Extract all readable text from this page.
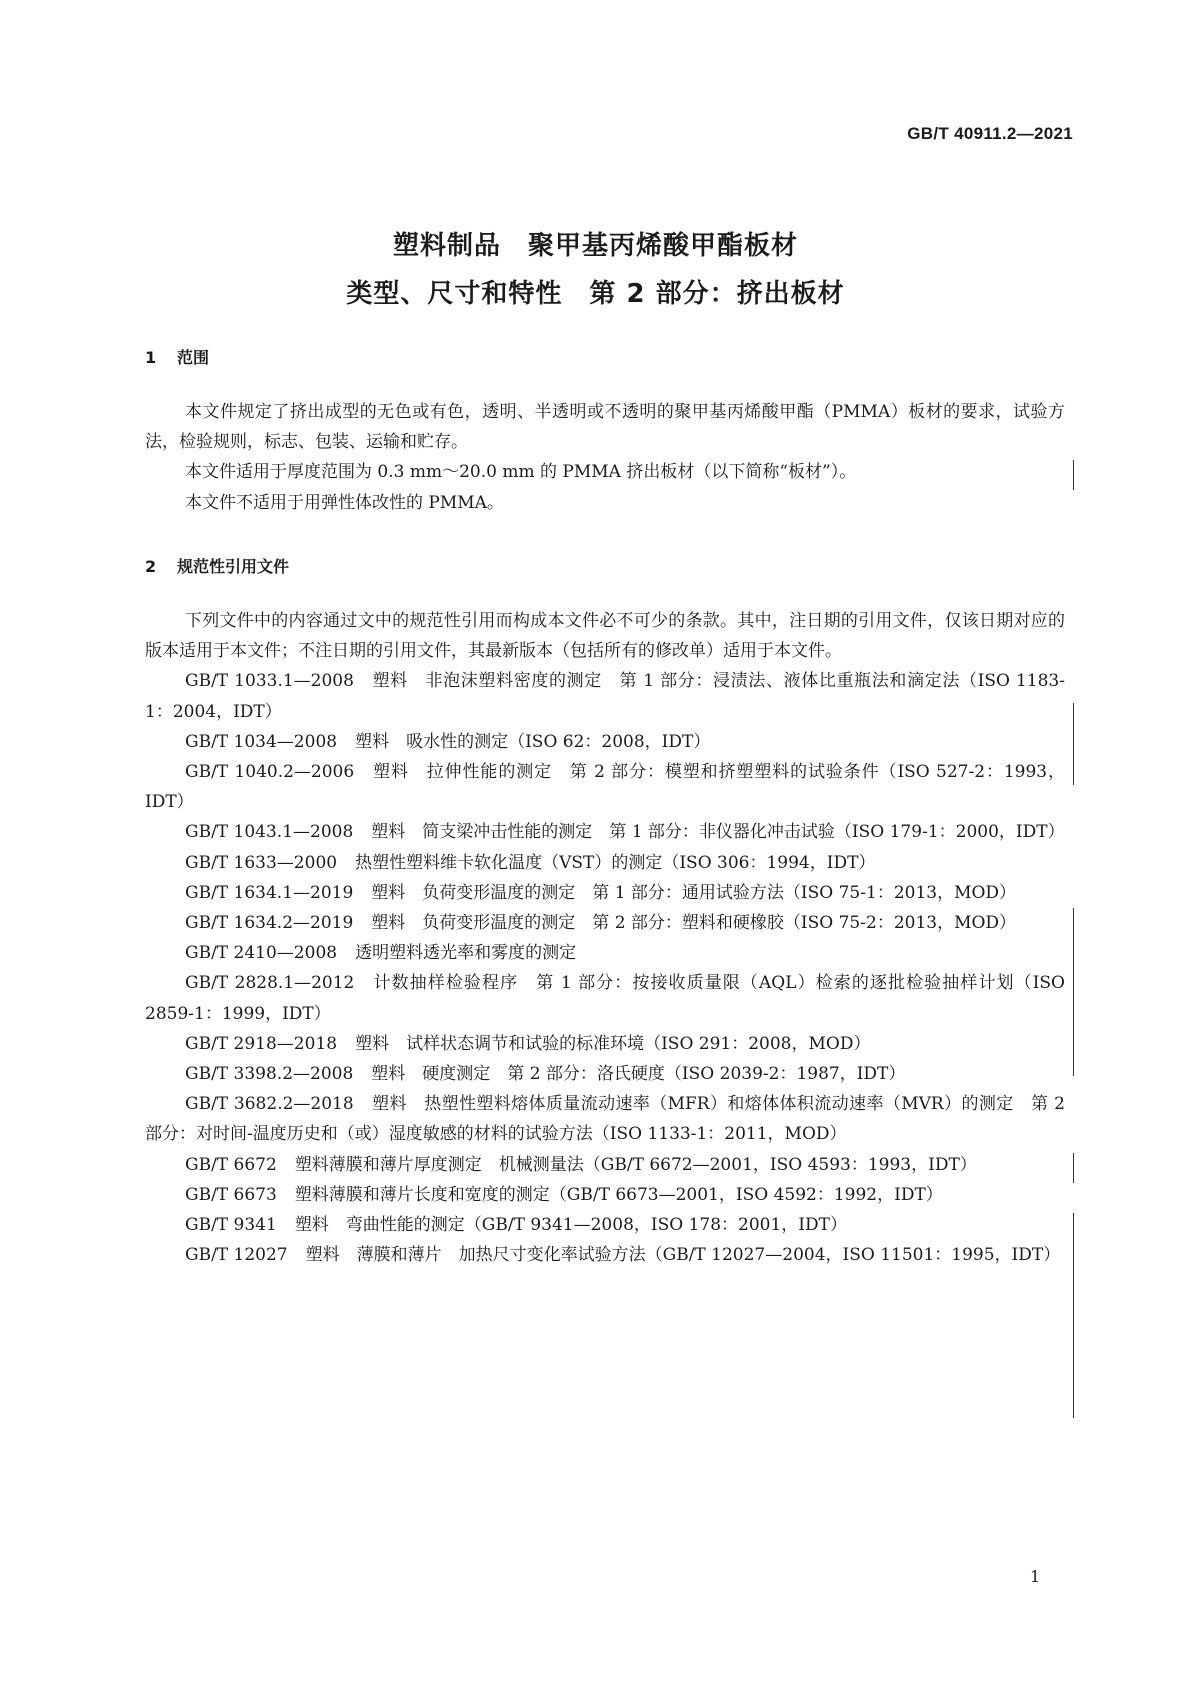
GB/T 40911.2—2021
塑料制品　聚甲基丙烯酸甲酯板材
类型、尺寸和特性　第 2 部分：挤出板材
1 范围

本文件规定了挤出成型的无色或有色，透明、半透明或不透明的聚甲基丙烯酸甲酯（PMMA）板材的要求，试验方法，检验规则，标志、包装、运输和贮存。

本文件适用于厚度范围为 0.3 mm～20.0 mm 的 PMMA 挤出板材（以下简称“板材”）。

本文件不适用于用弹性体改性的 PMMA。

2 规范性引用文件

下列文件中的内容通过文中的规范性引用而构成本文件必不可少的条款。其中，注日期的引用文件，仅该日期对应的版本适用于本文件；不注日期的引用文件，其最新版本（包括所有的修改单）适用于本文件。

GB/T 1033.1—2008 塑料　非泡沫塑料密度的测定　第 1 部分：浸渍法、液体比重瓶法和滴定法（ISO 1183-1：2004，IDT）
GB/T 1034—2008 塑料　吸水性的测定（ISO 62：2008，IDT）
GB/T 1040.2—2006 塑料　拉伸性能的测定　第 2 部分：模塑和挤塑塑料的试验条件（ISO 527-2：1993，IDT）
GB/T 1043.1—2008 塑料　简支梁冲击性能的测定　第 1 部分：非仪器化冲击试验（ISO 179-1：2000，IDT）
GB/T 1633—2000 热塑性塑料维卡软化温度（VST）的测定（ISO 306：1994，IDT）
GB/T 1634.1—2019 塑料　负荷变形温度的测定　第 1 部分：通用试验方法（ISO 75-1：2013，MOD）
GB/T 1634.2—2019 塑料　负荷变形温度的测定　第 2 部分：塑料和硬橡胶（ISO 75-2：2013，MOD）
GB/T 2410—2008 透明塑料透光率和雾度的测定
GB/T 2828.1—2012 计数抽样检验程序　第 1 部分：按接收质量限（AQL）检索的逐批检验抽样计划（ISO 2859-1：1999，IDT）
GB/T 2918—2018 塑料　试样状态调节和试验的标准环境（ISO 291：2008，MOD）
GB/T 3398.2—2008 塑料　硬度测定　第 2 部分：洛氏硬度（ISO 2039-2：1987，IDT）
GB/T 3682.2—2018 塑料　热塑性塑料熔体质量流动速率（MFR）和熔体体积流动速率（MVR）的测定　第 2 部分：对时间-温度历史和（或）湿度敏感的材料的试验方法（ISO 1133-1：2011，MOD）
GB/T 6672 塑料薄膜和薄片厚度测定　机械测量法（GB/T 6672—2001，ISO 4593：1993，IDT）
GB/T 6673 塑料薄膜和薄片长度和宽度的测定（GB/T 6673—2001，ISO 4592：1992，IDT）
GB/T 9341 塑料　弯曲性能的测定（GB/T 9341—2008，ISO 178：2001，IDT）
GB/T 12027 塑料　薄膜和薄片　加热尺寸变化率试验方法（GB/T 12027—2004，ISO 11501：1995，IDT）
1
